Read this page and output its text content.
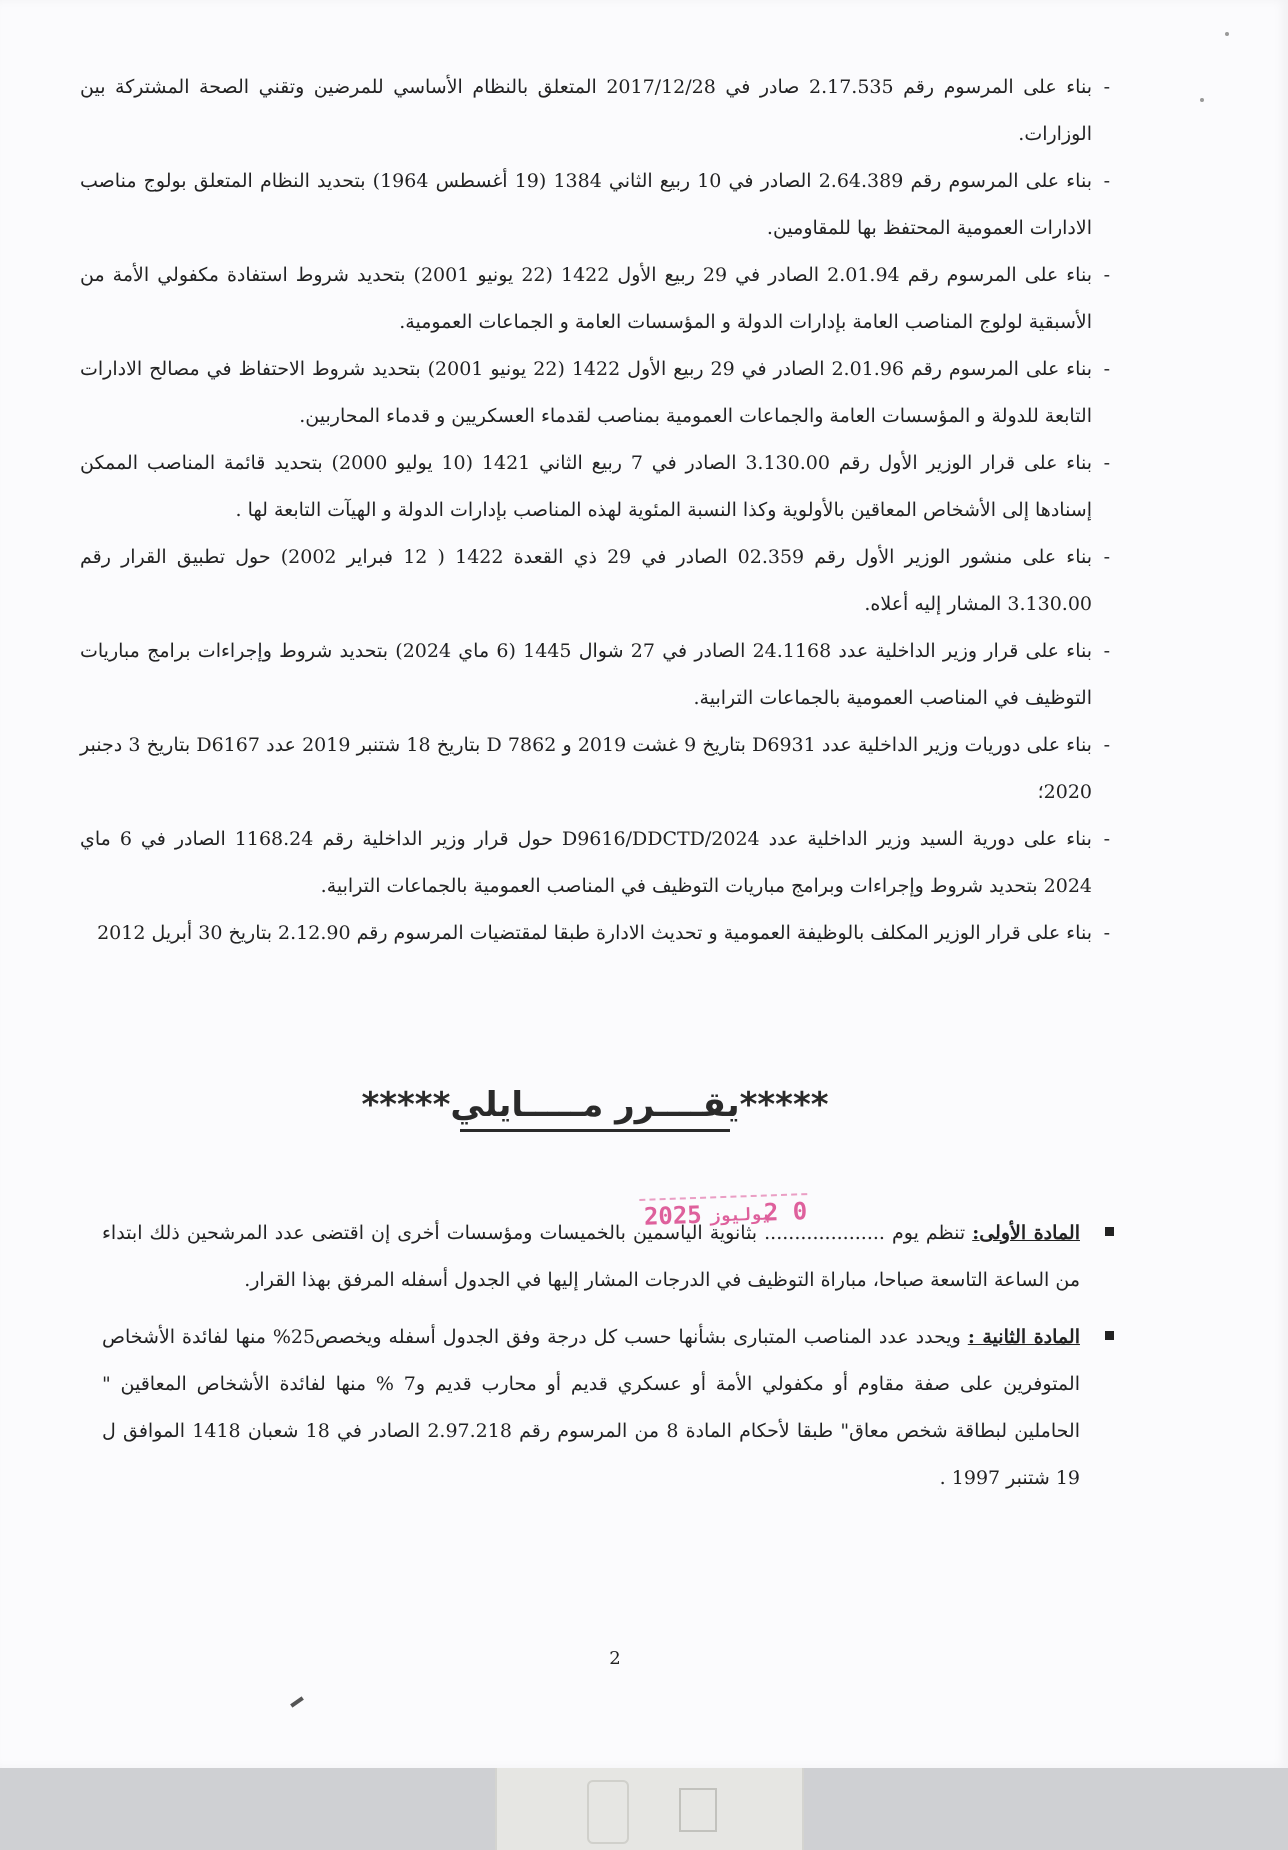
- بناء على المرسوم رقم 2.17.535 صادر في 2017/12/28 المتعلق بالنظام الأساسي للمرضين وتقني الصحة المشتركة بين الوزارات.
- بناء على المرسوم رقم 2.64.389 الصادر في 10 ربيع الثاني 1384 (19 أغسطس 1964) بتحديد النظام المتعلق بولوج مناصب الادارات العمومية المحتفظ بها للمقاومين.
- بناء على المرسوم رقم 2.01.94 الصادر في 29 ربيع الأول 1422 (22 يونيو 2001) بتحديد شروط استفادة مكفولي الأمة من الأسبقية لولوج المناصب العامة بإدارات الدولة و المؤسسات العامة و الجماعات العمومية.
- بناء على المرسوم رقم 2.01.96 الصادر في 29 ربيع الأول 1422 (22 يونيو 2001) بتحديد شروط الاحتفاظ في مصالح الادارات التابعة للدولة و المؤسسات العامة والجماعات العمومية بمناصب لقدماء العسكريين و قدماء المحاربين.
- بناء على قرار الوزير الأول رقم 3.130.00 الصادر في 7 ربيع الثاني 1421 (10 يوليو 2000) بتحديد قائمة المناصب الممكن إسنادها إلى الأشخاص المعاقين بالأولوية وكذا النسبة المئوية لهذه المناصب بإدارات الدولة و الهيآت التابعة لها .
- بناء على منشور الوزير الأول رقم 02.359 الصادر في 29 ذي القعدة 1422 ( 12 فبراير 2002) حول تطبيق القرار رقم 3.130.00 المشار إليه أعلاه.
- بناء على قرار وزير الداخلية عدد 24.1168 الصادر في 27 شوال 1445 (6 ماي 2024) بتحديد شروط وإجراءات برامج مباريات التوظيف في المناصب العمومية بالجماعات الترابية.
- بناء على دوريات وزير الداخلية عدد D6931 بتاريخ 9 غشت 2019 و D 7862 بتاريخ 18 شتنبر 2019 عدد D6167 بتاريخ 3 دجنبر 2020؛
- بناء على دورية السيد وزير الداخلية عدد D9616/DDCTD/2024 حول قرار وزير الداخلية رقم 1168.24 الصادر في 6 ماي 2024 بتحديد شروط وإجراءات وبرامج مباريات التوظيف في المناصب العمومية بالجماعات الترابية.
- بناء على قرار الوزير المكلف بالوظيفة العمومية و تحديث الادارة طبقا لمقتضيات المرسوم رقم 2.12.90 بتاريخ 30 أبريل 2012
*****يقــــرر مـــــايلي*****
2025 يوليوز
2 0
المادة الأولى: تنظم يوم .................... بثانوية الياسمين بالخميسات ومؤسسات أخرى إن اقتضى عدد المرشحين ذلك ابتداء من الساعة التاسعة صباحا، مباراة التوظيف في الدرجات المشار إليها في الجدول أسفله المرفق بهذا القرار.
المادة الثانية : ويحدد عدد المناصب المتبارى بشأنها حسب كل درجة وفق الجدول أسفله ويخصص25% منها لفائدة الأشخاص المتوفرين على صفة مقاوم أو مكفولي الأمة أو عسكري قديم أو محارب قديم و7 % منها لفائدة الأشخاص المعاقين " الحاملين لبطاقة شخص معاق" طبقا لأحكام المادة 8 من المرسوم رقم 2.97.218 الصادر في 18 شعبان 1418 الموافق ل 19 شتنبر 1997 .
2
